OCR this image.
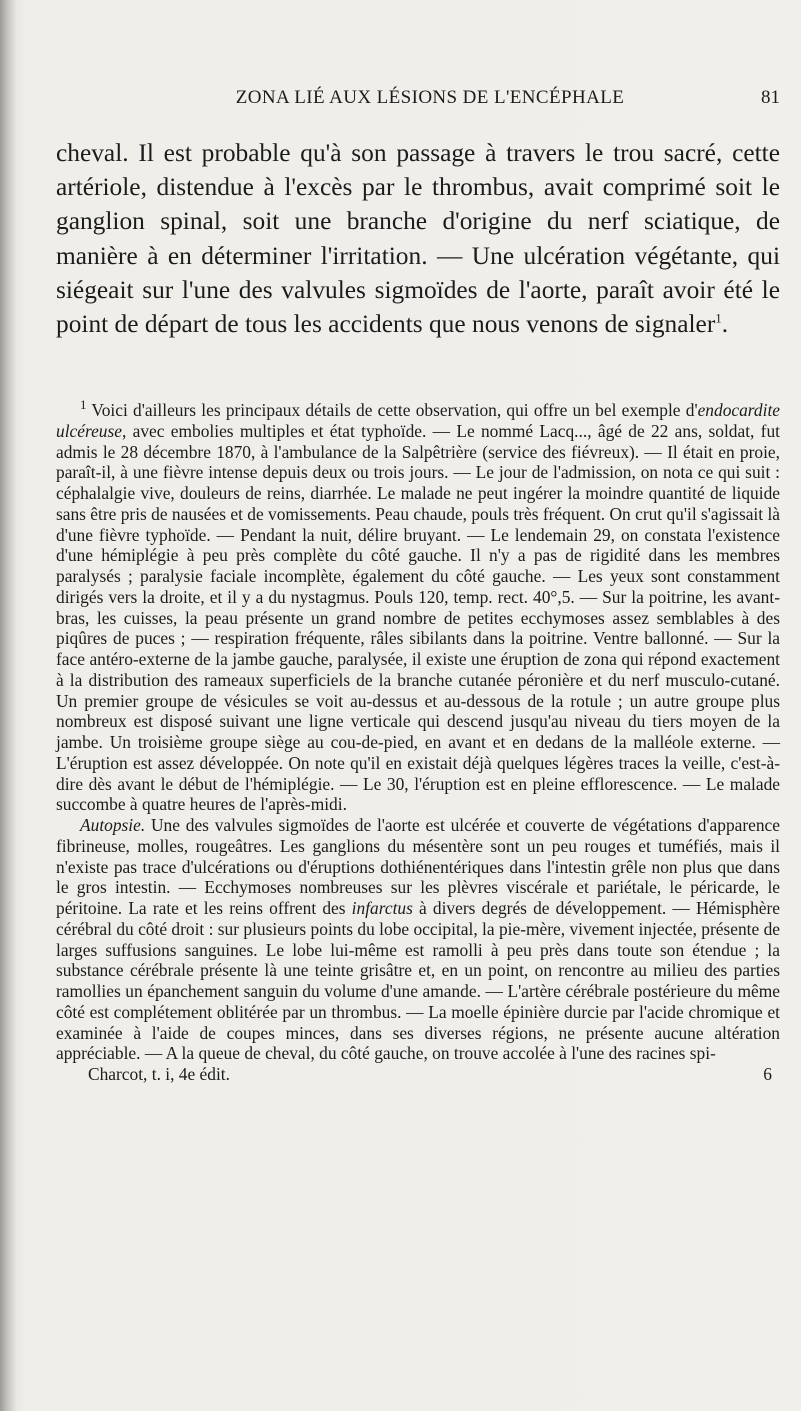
ZONA LIÉ AUX LÉSIONS DE L'ENCÉPHALE	81

cheval. Il est probable qu'à son passage à travers le trou sacré, cette artériole, distendue à l'excès par le thrombus, avait comprimé soit le ganglion spinal, soit une branche d'origine du nerf sciatique, de manière à en déterminer l'irritation. — Une ulcération végétante, qui siégeait sur l'une des valvules sigmoïdes de l'aorte, paraît avoir été le point de départ de tous les accidents que nous venons de signaler$^1$.

$^1$ Voici d'ailleurs les principaux détails de cette observation, qui offre un bel exemple d'endocardite ulcéreuse, avec embolies multiples et état typhoïde. — Le nommé Lacq..., âgé de 22 ans, soldat, fut admis le 28 décembre 1870, à l'ambulance de la Salpêtrière (service des fiévreux). — Il était en proie, paraît-il, à une fièvre intense depuis deux ou trois jours. — Le jour de l'admission, on nota ce qui suit : céphalalgie vive, douleurs de reins, diarrhée. Le malade ne peut ingérer la moindre quantité de liquide sans être pris de nausées et de vomissements. Peau chaude, pouls très fréquent. On crut qu'il s'agissait là d'une fièvre typhoïde. — Pendant la nuit, délire bruyant. — Le lendemain 29, on constata l'existence d'une hémiplégie à peu près complète du côté gauche. Il n'y a pas de rigidité dans les membres paralysés ; paralysie faciale incomplète, également du côté gauche. — Les yeux sont constamment dirigés vers la droite, et il y a du nystagmus. Pouls 120, temp. rect. 40°,5. — Sur la poitrine, les avant-bras, les cuisses, la peau présente un grand nombre de petites ecchymoses assez semblables à des piqûres de puces ; — respiration fréquente, râles sibilants dans la poitrine. Ventre ballonné. — Sur la face antéro-externe de la jambe gauche, paralysée, il existe une éruption de zona qui répond exactement à la distribution des rameaux superficiels de la branche cutanée péronière et du nerf musculo-cutané. Un premier groupe de vésicules se voit au-dessus et au-dessous de la rotule ; un autre groupe plus nombreux est disposé suivant une ligne verticale qui descend jusqu'au niveau du tiers moyen de la jambe. Un troisième groupe siège au cou-de-pied, en avant et en dedans de la malléole externe. — L'éruption est assez développée. On note qu'il en existait déjà quelques légères traces la veille, c'est-à-dire dès avant le début de l'hémiplégie. — Le 30, l'éruption est en pleine efflorescence. — Le malade succombe à quatre heures de l'après-midi.

Autopsie. Une des valvules sigmoïdes de l'aorte est ulcérée et couverte de végétations d'apparence fibrineuse, molles, rougeâtres. Les ganglions du mésentère sont un peu rouges et tuméfiés, mais il n'existe pas trace d'ulcérations ou d'éruptions dothiénentériques dans l'intestin grêle non plus que dans le gros intestin. — Ecchymoses nombreuses sur les plèvres viscérale et pariétale, le péricarde, le péritoine. La rate et les reins offrent des infarctus à divers degrés de développement. — Hémisphère cérébral du côté droit : sur plusieurs points du lobe occipital, la pie-mère, vivement injectée, présente de larges suffusions sanguines. Le lobe lui-même est ramolli à peu près dans toute son étendue ; la substance cérébrale présente là une teinte grisâtre et, en un point, on rencontre au milieu des parties ramollies un épanchement sanguin du volume d'une amande. — L'artère cérébrale postérieure du même côté est complétement oblitérée par un thrombus. — La moelle épinière durcie par l'acide chromique et examinée à l'aide de coupes minces, dans ses diverses régions, ne présente aucune altération appréciable. — A la queue de cheval, du côté gauche, on trouve accolée à l'une des racines spi-

Charcot, t. i, 4e édit.	6
